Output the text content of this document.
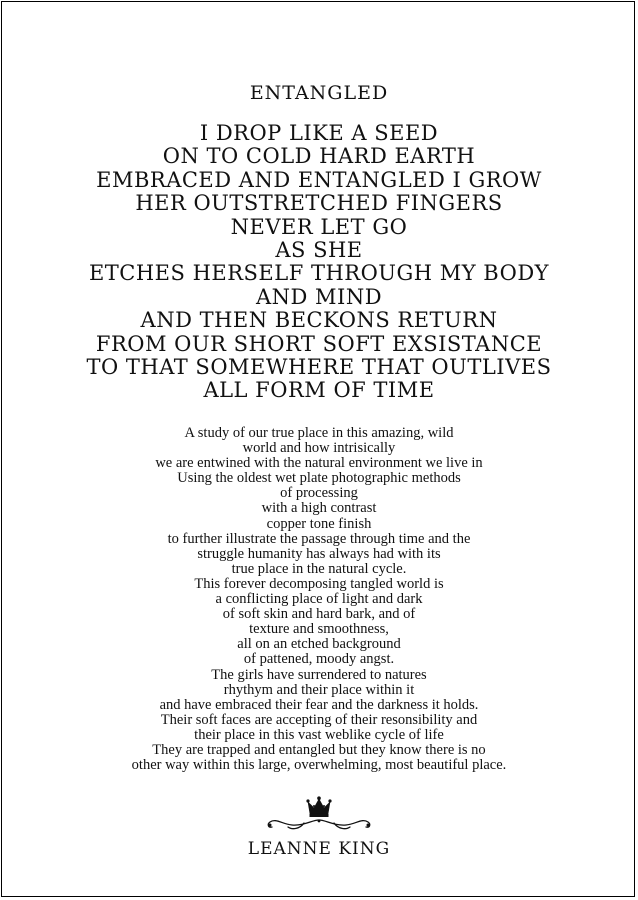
ENTANGLED
I DROP LIKE A SEED
ON TO COLD HARD EARTH
EMBRACED AND ENTANGLED I GROW
HER OUTSTRETCHED FINGERS
NEVER LET GO
AS SHE
ETCHES HERSELF THROUGH MY BODY
AND MIND
AND THEN BECKONS RETURN
FROM OUR SHORT SOFT EXSISTANCE
TO THAT SOMEWHERE THAT OUTLIVES
ALL FORM OF TIME
A study of our true place in this amazing, wild
world and how intrisically
we are entwined with the natural environment we live in
Using the oldest wet plate photographic methods
of processing
with a high contrast
copper tone finish
to further illustrate the passage through time and the
struggle humanity has always had with its
true place in the natural cycle.
This forever decomposing tangled world is
a conflicting place of light and dark
of soft skin and hard bark, and of
texture and smoothness,
all on an etched background
of pattened, moody angst.
The girls have surrendered to natures
rhythym and their place within it
and have embraced their fear and the darkness it holds.
Their soft faces are accepting of their resonsibility and
their place in this vast weblike cycle of life
They are trapped and entangled but they know there is no
other way within this large, overwhelming, most beautiful place.
LEANNE KING
